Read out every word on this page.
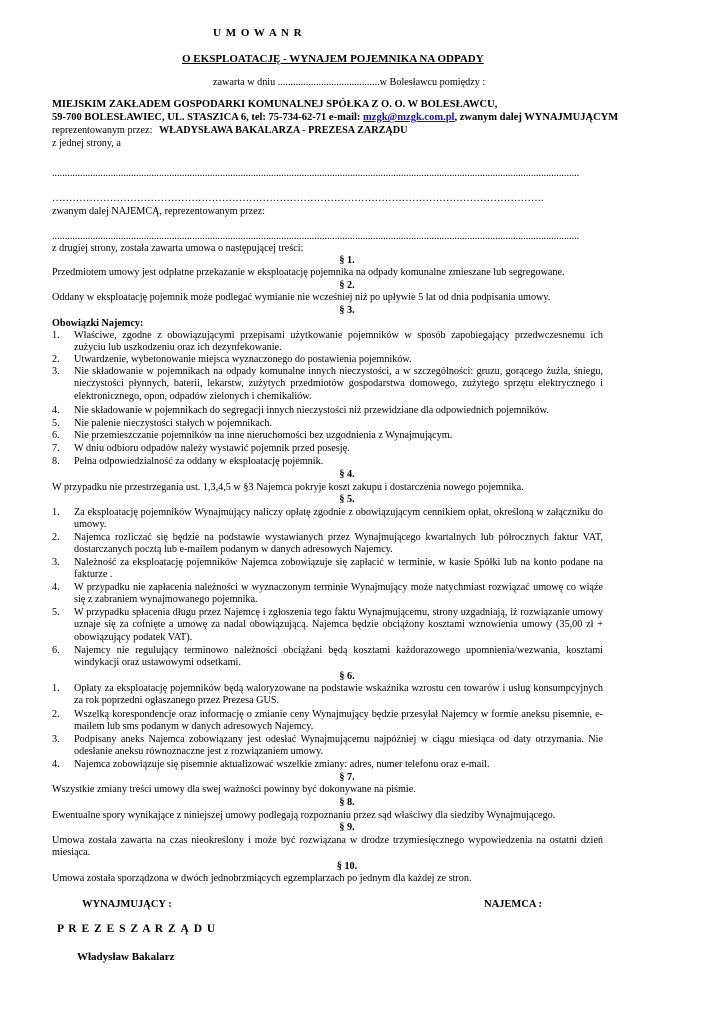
U M O W A N R
O EKSPLOATACJĘ - WYNAJEM POJEMNIKA NA ODPADY
zawarta w dniu ........................................w Bolesławcu pomiędzy :
MIEJSKIM ZAKŁADEM GOSPODARKI KOMUNALNEJ SPÓŁKA Z O. O. W BOLESŁAWCU,
59-700 BOLESŁAWIEC, UL. STASZICA 6, tel: 75-734-62-71 e-mail: mzgk@mzgk.com.pl, zwanym dalej WYNAJMUJĄCYM
reprezentowanym przez: WŁADYSŁAWA BAKALARZA - PREZESA ZARZĄDU
z jednej strony, a
...............................................................................................................................................................................................................
……………………………………………………………………………………………………………………………….
zwanym dalej NAJEMCĄ, reprezentowanym przez:
...............................................................................................................................................................................................................
z drugiej strony, została zawarta umowa o następującej treści:
§ 1.
Przedmiotem umowy jest odpłatne przekazanie w eksploatację pojemnika na odpady komunalne zmieszane lub segregowane.
§ 2.
Oddany w eksploatację pojemnik może podlegać wymianie nie wcześniej niż po upływie 5 lat od dnia podpisania umowy.
§ 3.
Obowiązki Najemcy:
1. Właściwe, zgodne z obowiązującymi przepisami użytkowanie pojemników w sposób zapobiegający przedwczesnemu ich zużyciu lub uszkodzeniu oraz ich dezynfekowanie.
2. Utwardzenie, wybetonowanie miejsca wyznaczonego do postawienia pojemników.
3. Nie składowanie w pojemnikach na odpady komunalne innych nieczystości, a w szczególności: gruzu, gorącego żużla, śniegu, nieczystości płynnych, baterii, lekarstw, zużytych przedmiotów gospodarstwa domowego, zużytego sprzętu elektrycznego i elektronicznego, opon, odpadów zielonych i chemikaliów.
4. Nie składowanie w pojemnikach do segregacji innych nieczystości niż przewidziane dla odpowiednich pojemników.
5. Nie palenie nieczystości stałych w pojemnikach.
6. Nie przemieszczanie pojemników na inne nieruchomości bez uzgodnienia z Wynajmującym.
7. W dniu odbioru odpadów należy wystawić pojemnik przed posesję.
8. Pełna odpowiedzialność za oddany w eksploatację pojemnik.
§ 4.
W przypadku nie przestrzegania ust. 1,3,4,5 w §3 Najemca pokryje koszt zakupu i dostarczenia nowego pojemnika.
§ 5.
1. Za eksploatację pojemników Wynajmujący naliczy opłatę zgodnie z obowiązującym cennikiem opłat, określoną w załączniku do umowy.
2. Najemca rozliczać się będzie na podstawie wystawianych przez Wynajmującego kwartalnych lub półrocznych faktur VAT, dostarczanych pocztą lub e-mailem podanym w danych adresowych Najemcy.
3. Należność za eksploatację pojemników Najemca zobowiązuje się zapłacić w terminie, w kasie Spółki lub na konto podane na fakturze .
4. W przypadku nie zapłacenia należności w wyznaczonym terminie Wynajmujący może natychmiast rozwiązać umowę co wiąże się z zabraniem wynajmowanego pojemnika.
5. W przypadku spłacenia długu przez Najemcę i zgłoszenia tego faktu Wynajmującemu, strony uzgadniają, iż rozwiązanie umowy uznaje się za cofnięte a umowę za nadal obowiązującą. Najemca będzie obciążony kosztami wznowienia umowy (35,00 zł + obowiązujący podatek VAT).
6. Najemcy nie regulujący terminowo należności obciążani będą kosztami każdorazowego upomnienia/wezwania, kosztami windykacji oraz ustawowymi odsetkami.
§ 6.
1. Opłaty za eksploatację pojemników będą waloryzowane na podstawie wskaźnika wzrostu cen towarów i usług konsumpcyjnych za rok poprzedni ogłaszanego przez Prezesa GUS.
2. Wszelką korespondencje oraz informację o zmianie ceny Wynajmujący będzie przesyłał Najemcy w formie aneksu pisemnie, e-mailem lub sms podanym w danych adresowych Najemcy.
3. Podpisany aneks Najemca zobowiązany jest odesłać Wynajmującemu najpóźniej w ciągu miesiąca od daty otrzymania. Nie odesłanie aneksu równoznaczne jest z rozwiązaniem umowy.
4. Najemca zobowiązuje się pisemnie aktualizować wszelkie zmiany: adres, numer telefonu oraz e-mail.
§ 7.
Wszystkie zmiany treści umowy dla swej ważności powinny być dokonywane na piśmie.
§ 8.
Ewentualne spory wynikające z niniejszej umowy podlegają rozpoznaniu przez sąd właściwy dla siedziby Wynajmującego.
§ 9.
Umowa została zawarta na czas nieokreślony i może być rozwiązana w drodze trzymiesięcznego wypowiedzenia na ostatni dzień miesiąca.
§ 10.
Umowa została sporządzona w dwóch jednobrzmiących egzemplarzach po jednym dla każdej ze stron.
WYNAJMUJĄCY :	NAJEMCA :
P R E Z E S Z A R Z Ą D U
Władysław Bakalarz
